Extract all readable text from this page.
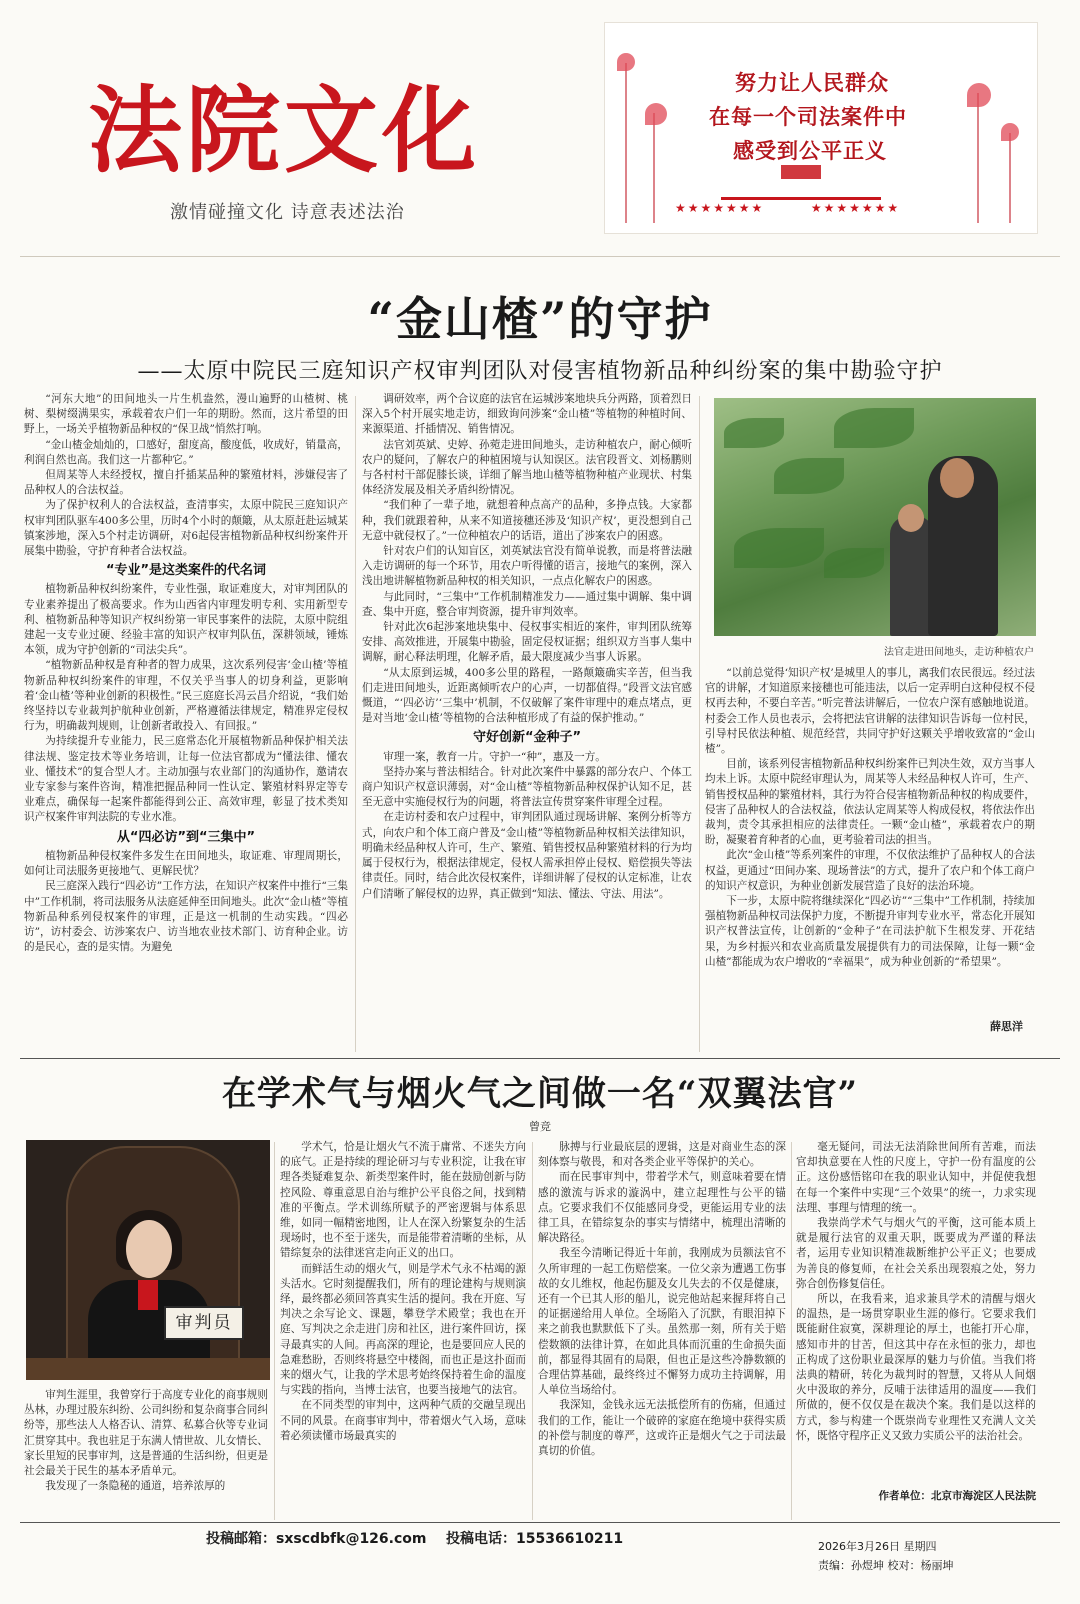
法院文化
激情碰撞文化 诗意表述法治
努力让人民群众
在每一个司法案件中
感受到公平正义
★★★★★★★        ★★★★★★★
“金山楂”的守护
——太原中院民三庭知识产权审判团队对侵害植物新品种纠纷案的集中勘验守护

“河东大地”的田间地头一片生机盎然，漫山遍野的山楂树、桃树、梨树缀满果实，承载着农户们一年的期盼。然而，这片希望的田野上，一场关乎植物新品种权的“保卫战”悄然打响。

“金山楂金灿灿的，口感好，甜度高，酸度低，收成好，销量高，利润自然也高。我们这一片都种它。”

但周某等人未经授权，擅自扦插某品种的繁殖材料，涉嫌侵害了品种权人的合法权益。

为了保护权利人的合法权益，查清事实，太原中院民三庭知识产权审判团队驱车400多公里，历时4个小时的颠簸，从太原赶赴运城某镇案涉地，深入5个村走访调研，对6起侵害植物新品种权纠纷案件开展集中勘验，守护育种者合法权益。

“专业”是这类案件的代名词

植物新品种权纠纷案件，专业性强，取证难度大，对审判团队的专业素养提出了极高要求。作为山西省内审理发明专利、实用新型专利、植物新品种等知识产权纠纷第一审民事案件的法院，太原中院组建起一支专业过硬、经验丰富的知识产权审判队伍，深耕领域，锤炼本领，成为守护创新的“司法尖兵”。

“植物新品种权是育种者的智力成果，这次系列侵害‘金山楂’等植物新品种权纠纷案件的审理，不仅关乎当事人的切身利益，更影响着‘金山楂’等种业创新的积极性。”民三庭庭长冯云昌介绍说，“我们始终坚持以专业裁判护航种业创新，严格遵循法律规定，精准界定侵权行为，明确裁判规则，让创新者敢投入、有回报。”

为持续提升专业能力，民三庭常态化开展植物新品种保护相关法律法规、鉴定技术等业务培训，让每一位法官都成为“懂法律、懂农业、懂技术”的复合型人才。主动加强与农业部门的沟通协作，邀请农业专家参与案件咨询，精准把握品种同一性认定、繁殖材料界定等专业难点，确保每一起案件都能得到公正、高效审理，彰显了技术类知识产权案件审判法院的专业水准。

从“四必访”到“三集中”

植物新品种侵权案件多发生在田间地头，取证难、审理周期长，如何让司法服务更接地气、更解民忧？

民三庭深入践行“四必访”工作方法，在知识产权案件中推行“三集中”工作机制，将司法服务从法庭延伸至田间地头。此次“金山楂”等植物新品种系列侵权案件的审理，正是这一机制的生动实践。“四必访”，访村委会、访涉案农户、访当地农业技术部门、访育种企业。访的是民心，查的是实情。为避免

调研效率，两个合议庭的法官在运城涉案地块兵分两路，顶着烈日深入5个村开展实地走访，细致询问涉案“金山楂”等植物的种植时间、来源渠道、扦插情况、销售情况。

法官刘英斌、史婷、孙菀走进田间地头，走访种植农户，耐心倾听农户的疑问，了解农户的种植困境与认知误区。法官段晋文、刘杨鹏则与各村村干部促膝长谈，详细了解当地山楂等植物种植产业现状、村集体经济发展及相关矛盾纠纷情况。

“我们种了一辈子地，就想着种点高产的品种，多挣点钱。大家都种，我们就跟着种，从来不知道接穗还涉及‘知识产权’，更没想到自己无意中就侵权了。”一位种植农户的话语，道出了涉案农户的困惑。

针对农户们的认知盲区，刘英斌法官没有简单说教，而是将普法融入走访调研的每一个环节，用农户听得懂的语言，接地气的案例，深入浅出地讲解植物新品种权的相关知识，一点点化解农户的困惑。

与此同时，“三集中”工作机制精准发力——通过集中调解、集中调查、集中开庭，整合审判资源，提升审判效率。

针对此次6起涉案地块集中、侵权事实相近的案件，审判团队统筹安排、高效推进，开展集中勘验，固定侵权证据；组织双方当事人集中调解，耐心释法明理，化解矛盾，最大限度减少当事人诉累。

“从太原到运城，400多公里的路程，一路颠簸确实辛苦，但当我们走进田间地头，近距离倾听农户的心声，一切都值得。”段晋文法官感慨道，“‘四必访’‘三集中’机制，不仅破解了案件审理中的难点堵点，更是对当地‘金山楂’等植物的合法种植形成了有益的保护推动。”

守好创新“金种子”

审理一案，教育一片。守护一“种”，惠及一方。

坚持办案与普法相结合。针对此次案件中暴露的部分农户、个体工商户知识产权意识薄弱，对“金山楂”等植物新品种权保护认知不足，甚至无意中实施侵权行为的问题，将普法宣传贯穿案件审理全过程。

在走访村委和农户过程中，审判团队通过现场讲解、案例分析等方式，向农户和个体工商户普及“金山楂”等植物新品种权相关法律知识，明确未经品种权人许可，生产、繁殖、销售授权品种繁殖材料的行为均属于侵权行为，根据法律规定，侵权人需承担停止侵权、赔偿损失等法律责任。同时，结合此次侵权案件，详细讲解了侵权的认定标准，让农户们清晰了解侵权的边界，真正做到“知法、懂法、守法、用法”。

法官走进田间地头，走访种植农户

“以前总觉得‘知识产权’是城里人的事儿，离我们农民很远。经过法官的讲解，才知道原来接穗也可能违法，以后一定弄明白这种侵权不侵权再去种，不要白辛苦。”听完普法讲解后，一位农户深有感触地说道。村委会工作人员也表示，会将把法官讲解的法律知识告诉每一位村民，引导村民依法种植、规范经营，共同守护好这颗关乎增收致富的“金山楂”。

目前，该系列侵害植物新品种权纠纷案件已判决生效，双方当事人均未上诉。太原中院经审理认为，周某等人未经品种权人许可，生产、销售授权品种的繁殖材料，其行为符合侵害植物新品种权的构成要件，侵害了品种权人的合法权益，依法认定周某等人构成侵权，将依法作出裁判，责令其承担相应的法律责任。一颗“金山楂”，承载着农户的期盼，凝聚着育种者的心血，更考验着司法的担当。

此次“金山楂”等系列案件的审理，不仅依法维护了品种权人的合法权益，更通过“田间办案、现场普法”的方式，提升了农户和个体工商户的知识产权意识，为种业创新发展营造了良好的法治环境。

下一步，太原中院将继续深化“四必访”“三集中”工作机制，持续加强植物新品种权司法保护力度，不断提升审判专业水平，常态化开展知识产权普法宣传，让创新的“金种子”在司法护航下生根发芽、开花结果，为乡村振兴和农业高质量发展提供有力的司法保障，让每一颗“金山楂”都能成为农户增收的“幸福果”，成为种业创新的“希望果”。

薛思洋
在学术气与烟火气之间做一名“双翼法官”
曾竞
审判员

审判生涯里，我曾穿行于高度专业化的商事规则丛林，办理过股东纠纷、公司纠纷和复杂商事合同纠纷等，那些法人人格否认、清算、私募合伙等专业词汇贯穿其中。我也驻足于东满人情世故、儿女情长、家长里短的民事审判，这是普通的生活纠纷，但更是社会最关于民生的基本矛盾单元。

我发现了一条隐秘的通道，培养浓厚的

学术气，恰是让烟火气不流于庸常、不迷失方向的底气。正是持续的理论研习与专业积淀，让我在审理各类疑难复杂、新类型案件时，能在鼓励创新与防控风险、尊重意思自治与维护公平良俗之间，找到精准的平衡点。学术训练所赋予的严密逻辑与体系思维，如同一幅精密地图，让人在深入纷繁复杂的生活现场时，也不至于迷失，而是能带着清晰的坐标，从错综复杂的法律迷宫走向正义的出口。

而鲜活生动的烟火气，则是学术气永不枯竭的源头活水。它时刻提醒我们，所有的理论建构与规则演绎，最终都必须回答真实生活的提问。我在开庭、写判决之余写论文、课题，攀登学术殿堂；我也在开庭、写判决之余走进门房和社区，进行案件回访，探寻最真实的人间。再高深的理论，也是要回应人民的急难愁盼，否则终将悬空中楼阁，而也正是这扑面而来的烟火气，让我的学术思考始终保持着生命的温度与实践的指向，当博士法官，也要当接地气的法官。

在不同类型的审判中，这两种气质的交融呈现出不同的风景。在商事审判中，带着烟火气入场，意味着必须读懂市场最真实的

脉搏与行业最底层的逻辑，这是对商业生态的深刻体察与敬畏，和对各类企业平等保护的关心。

而在民事审判中，带着学术气，则意味着要在情感的激流与诉求的漩涡中，建立起理性与公平的锚点。它要求我们不仅能感同身受，更能运用专业的法律工具，在错综复杂的事实与情绪中，梳理出清晰的解决路径。

我至今清晰记得近十年前，我刚成为员额法官不久所审理的一起工伤赔偿案。一位父亲为遭遇工伤事故的女儿维权，他起伤腿及女儿失去的不仅是健康，还有一个已其人形的船儿，说完他站起来握拜将自己的证据递给用人单位。全场陷入了沉默，有眼泪掉下来之前我也默默低下了头。虽然那一刻，所有关于赔偿数额的法律计算，在如此具体而沉重的生命损失面前，都显得其固有的局限，但也正是这些冷静数额的合理估算基础，最终终过不懈努力成功主持调解，用人单位当场给付。

我深知，金钱永远无法抵偿所有的伤痛，但通过我们的工作，能让一个破碎的家庭在绝境中获得实质的补偿与制度的尊严，这或许正是烟火气之于司法最真切的价值。

毫无疑问，司法无法消除世间所有苦难，而法官却执意要在人性的尺度上，守护一份有温度的公正。这份感悟铭印在我的职业认知中，并促使我想在每一个案件中实现“三个效果”的统一，力求实现法理、事理与情理的统一。

我崇尚学术气与烟火气的平衡，这可能本质上就是履行法官的双重天职，既要成为严谨的释法者，运用专业知识精准裁断维护公平正义；也要成为善良的修复师，在社会关系出现裂痕之处，努力弥合创伤修复信任。

所以，在我看来，追求兼具学术的清醒与烟火的温热，是一场贯穿职业生涯的修行。它要求我们既能耐住寂寞，深耕理论的厚土，也能打开心扉，感知市井的甘苦，但这其中存在永恒的张力，却也正构成了这份职业最深厚的魅力与价值。当我们将法典的精研，转化为裁判时的智慧，又将从人间烟火中汲取的养分，反哺于法律适用的温度——我们所做的，便不仅仅是在裁决个案。我们是以这样的方式，参与构建一个既崇尚专业理性又充满人文关怀，既恪守程序正义又致力实质公平的法治社会。

作者单位：北京市海淀区人民法院
投稿邮箱：sxscdbfk@126.com 投稿电话：15536610211	2026年3月26日 星期四
责编：孙煜坤 校对：杨丽坤
